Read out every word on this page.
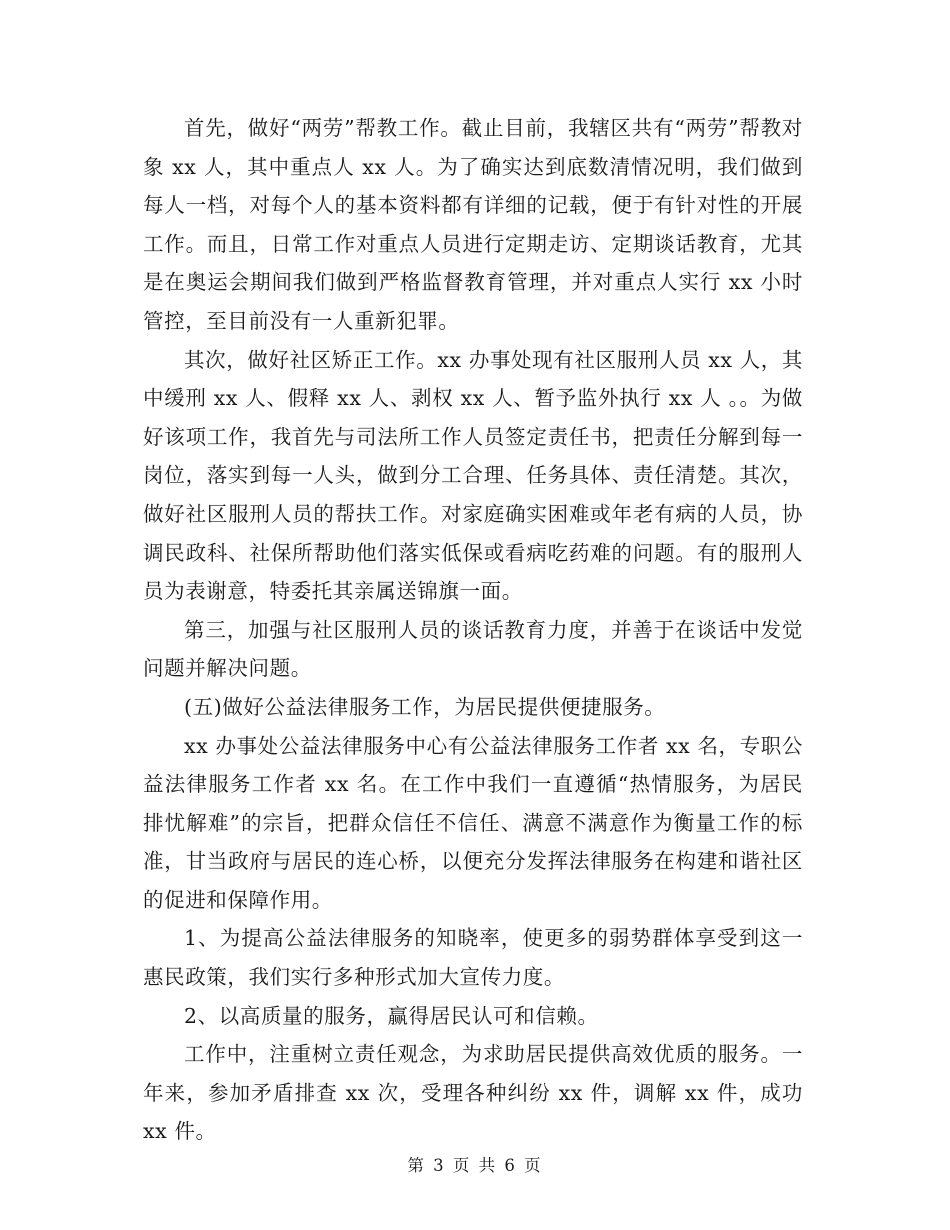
首先，做好“两劳”帮教工作。截止目前，我辖区共有“两劳”帮教对象 xx 人，其中重点人 xx 人。为了确实达到底数清情况明，我们做到每人一档，对每个人的基本资料都有详细的记载，便于有针对性的开展工作。而且，日常工作对重点人员进行定期走访、定期谈话教育，尤其是在奥运会期间我们做到严格监督教育管理，并对重点人实行 xx 小时管控，至目前没有一人重新犯罪。

其次，做好社区矫正工作。xx 办事处现有社区服刑人员 xx 人，其中缓刑 xx 人、假释 xx 人、剥权 xx 人、暂予监外执行 xx 人 。。为做好该项工作，我首先与司法所工作人员签定责任书，把责任分解到每一岗位，落实到每一人头，做到分工合理、任务具体、责任清楚。其次，做好社区服刑人员的帮扶工作。对家庭确实困难或年老有病的人员，协调民政科、社保所帮助他们落实低保或看病吃药难的问题。有的服刑人员为表谢意，特委托其亲属送锦旗一面。

第三，加强与社区服刑人员的谈话教育力度，并善于在谈话中发觉问题并解决问题。

(五)做好公益法律服务工作，为居民提供便捷服务。

xx 办事处公益法律服务中心有公益法律服务工作者 xx 名，专职公益法律服务工作者 xx 名。在工作中我们一直遵循“热情服务，为居民排忧解难”的宗旨，把群众信任不信任、满意不满意作为衡量工作的标准，甘当政府与居民的连心桥，以便充分发挥法律服务在构建和谐社区的促进和保障作用。

1、为提高公益法律服务的知晓率，使更多的弱势群体享受到这一惠民政策，我们实行多种形式加大宣传力度。

2、以高质量的服务，赢得居民认可和信赖。

工作中，注重树立责任观念，为求助居民提供高效优质的服务。一年来，参加矛盾排查 xx 次，受理各种纠纷 xx 件，调解 xx 件，成功 xx 件。

第 3 页 共 6 页
